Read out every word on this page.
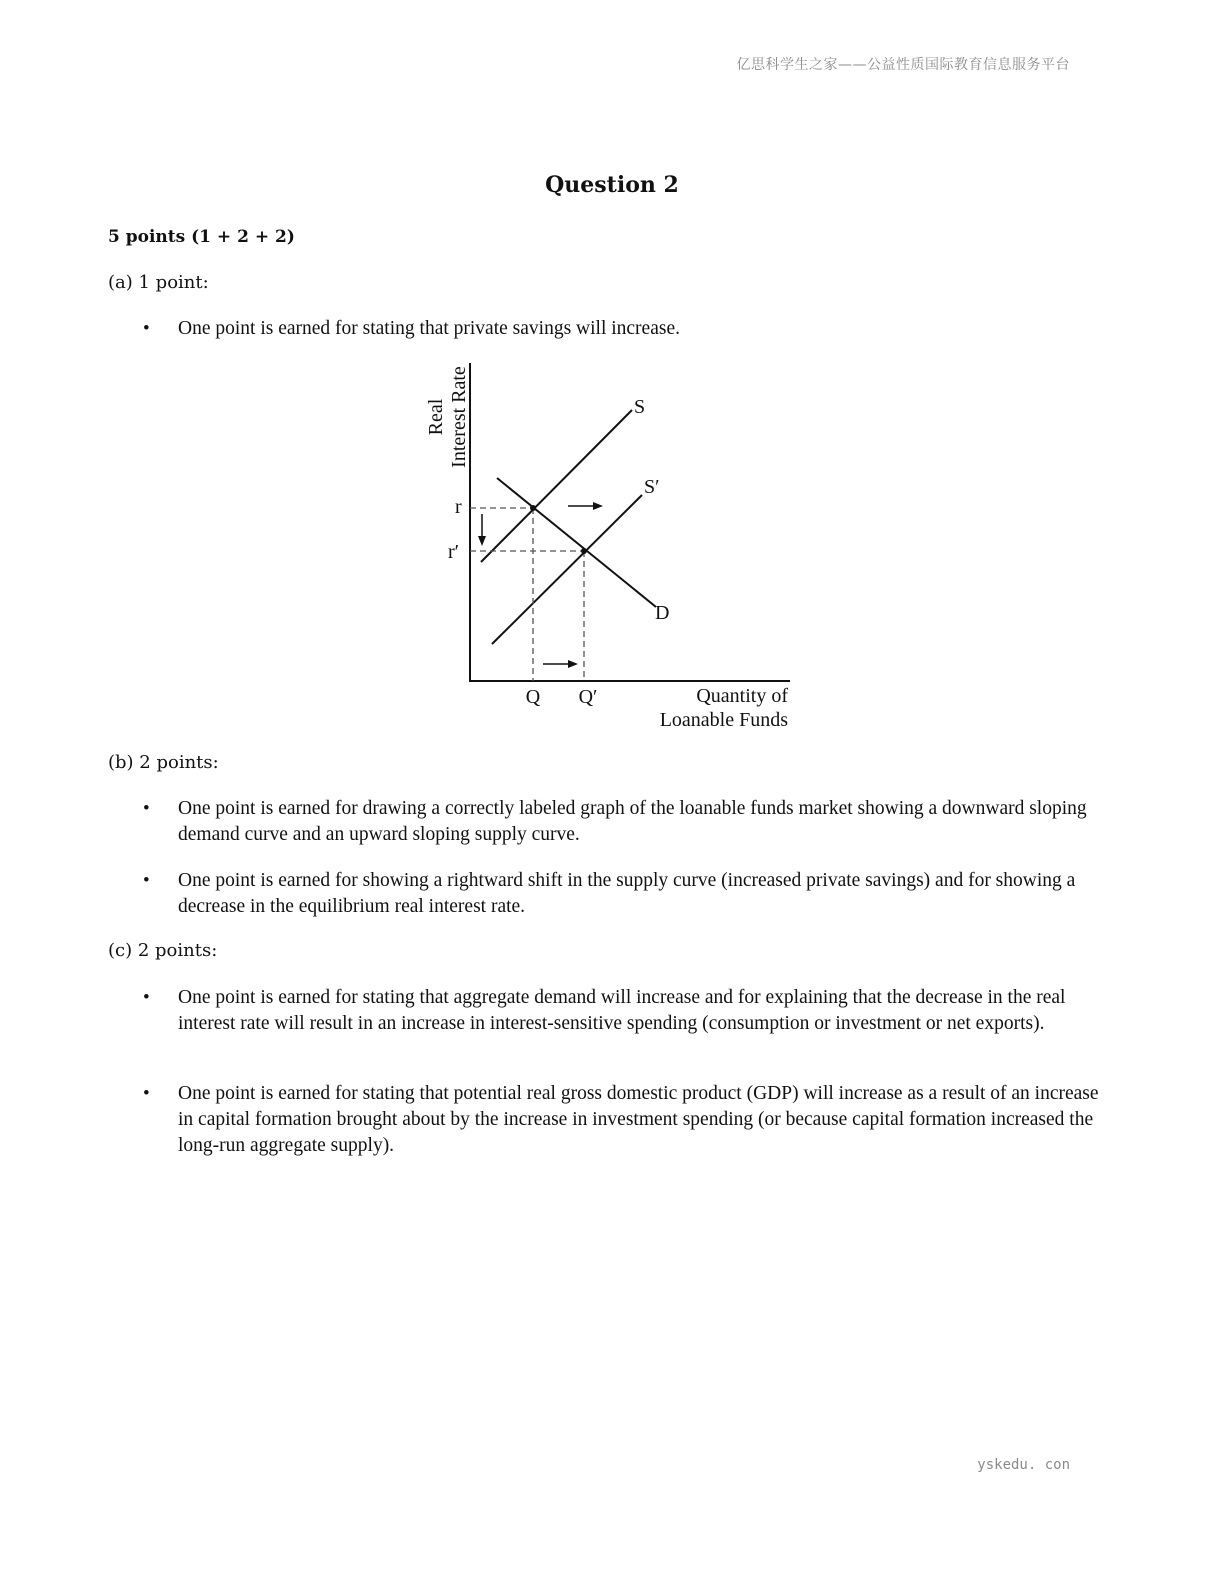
亿思科学生之家——公益性质国际教育信息服务平台
Question 2
5 points (1 + 2 + 2)
(a) 1 point:
• One point is earned for stating that private savings will increase.
Real Interest Rate	S
S′
D
r
r′
Q Q′	Quantity of
Loanable Funds
(b) 2 points:
• One point is earned for drawing a correctly labeled graph of the loanable funds market showing a downward sloping demand curve and an upward sloping supply curve.
• One point is earned for showing a rightward shift in the supply curve (increased private savings) and for showing a decrease in the equilibrium real interest rate.
(c) 2 points:
• One point is earned for stating that aggregate demand will increase and for explaining that the decrease in the real interest rate will result in an increase in interest-sensitive spending (consumption or investment or net exports).
• One point is earned for stating that potential real gross domestic product (GDP) will increase as a result of an increase in capital formation brought about by the increase in investment spending (or because capital formation increased the long-run aggregate supply).
yskedu. con
